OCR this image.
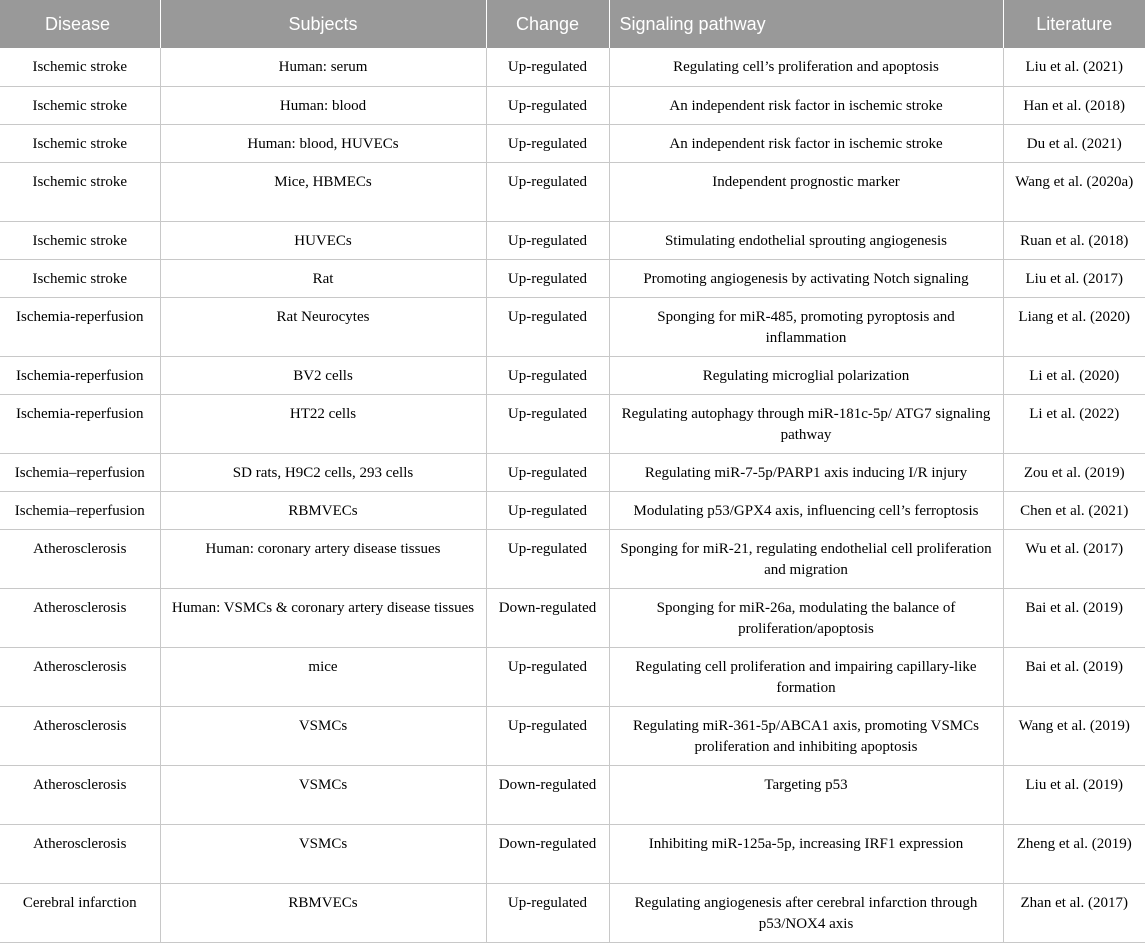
Disease	Subjects	Change	Signaling pathway	Literature
Ischemic stroke	Human: serum	Up-regulated	Regulating cell’s proliferation and apoptosis	Liu et al. (2021)
Ischemic stroke	Human: blood	Up-regulated	An independent risk factor in ischemic stroke	Han et al. (2018)
Ischemic stroke	Human: blood, HUVECs	Up-regulated	An independent risk factor in ischemic stroke	Du et al. (2021)
Ischemic stroke	Mice, HBMECs	Up-regulated	Independent prognostic marker	Wang et al. (2020a)
Ischemic stroke	HUVECs	Up-regulated	Stimulating endothelial sprouting angiogenesis	Ruan et al. (2018)
Ischemic stroke	Rat	Up-regulated	Promoting angiogenesis by activating Notch signaling	Liu et al. (2017)
Ischemia-reperfusion	Rat Neurocytes	Up-regulated	Sponging for miR-485, promoting pyroptosis and inflammation	Liang et al. (2020)
Ischemia-reperfusion	BV2 cells	Up-regulated	Regulating microglial polarization	Li et al. (2020)
Ischemia-reperfusion	HT22 cells	Up-regulated	Regulating autophagy through miR-181c-5p/ ATG7 signaling pathway	Li et al. (2022)
Ischemia–reperfusion	SD rats, H9C2 cells, 293 cells	Up-regulated	Regulating miR-7-5p/PARP1 axis inducing I/R injury	Zou et al. (2019)
Ischemia–reperfusion	RBMVECs	Up-regulated	Modulating p53/GPX4 axis, influencing cell’s ferroptosis	Chen et al. (2021)
Atherosclerosis	Human: coronary artery disease tissues	Up-regulated	Sponging for miR-21, regulating endothelial cell proliferation and migration	Wu et al. (2017)
Atherosclerosis	Human: VSMCs & coronary artery disease tissues	Down-regulated	Sponging for miR-26a, modulating the balance of proliferation/apoptosis	Bai et al. (2019)
Atherosclerosis	mice	Up-regulated	Regulating cell proliferation and impairing capillary-like formation	Bai et al. (2019)
Atherosclerosis	VSMCs	Up-regulated	Regulating miR-361-5p/ABCA1 axis, promoting VSMCs proliferation and inhibiting apoptosis	Wang et al. (2019)
Atherosclerosis	VSMCs	Down-regulated	Targeting p53	Liu et al. (2019)
Atherosclerosis	VSMCs	Down-regulated	Inhibiting miR-125a-5p, increasing IRF1 expression	Zheng et al. (2019)
Cerebral infarction	RBMVECs	Up-regulated	Regulating angiogenesis after cerebral infarction through p53/NOX4 axis	Zhan et al. (2017)
